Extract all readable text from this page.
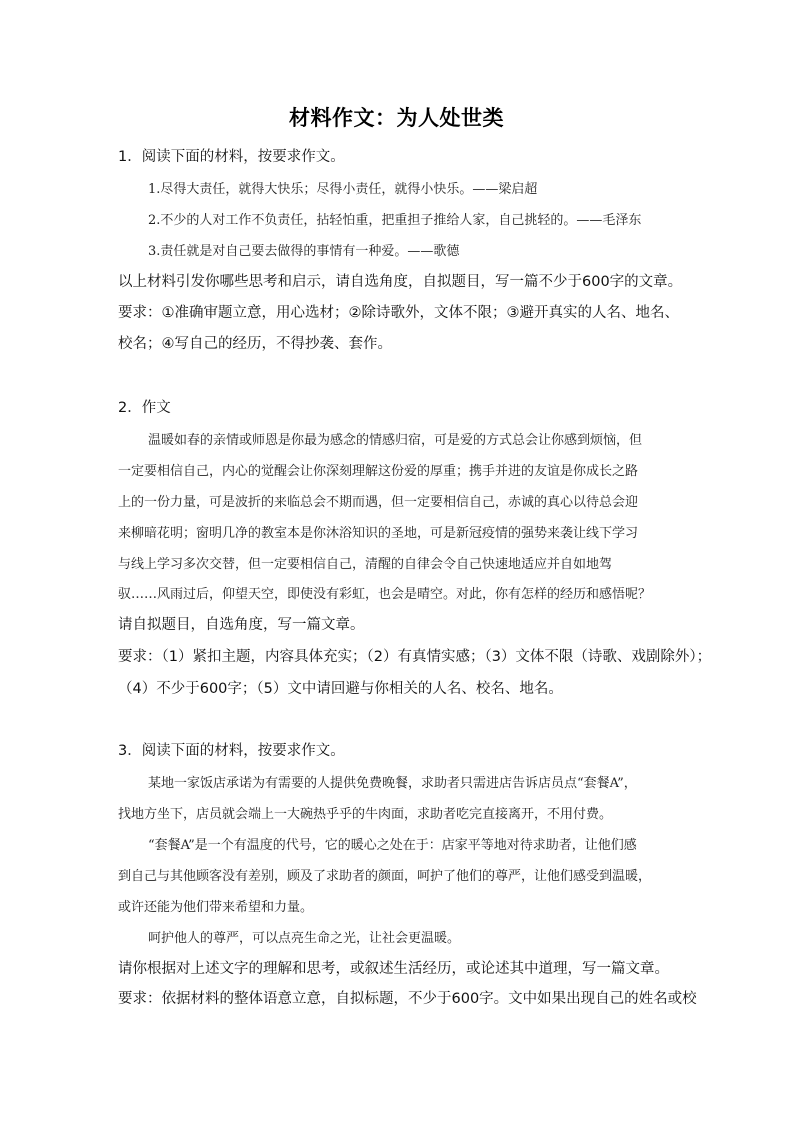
材料作文：为人处世类
1．阅读下面的材料，按要求作文。
1.尽得大责任，就得大快乐；尽得小责任，就得小快乐。——梁启超
2.不少的人对工作不负责任，拈轻怕重，把重担子推给人家，自己挑轻的。——毛泽东
3.责任就是对自己要去做得的事情有一种爱。——歌德
以上材料引发你哪些思考和启示，请自选角度，自拟题目，写一篇不少于600字的文章。
要求：①准确审题立意，用心选材；②除诗歌外，文体不限；③避开真实的人名、地名、
校名；④写自己的经历，不得抄袭、套作。
2．作文
温暖如春的亲情或师恩是你最为感念的情感归宿，可是爱的方式总会让你感到烦恼，但
一定要相信自己，内心的觉醒会让你深刻理解这份爱的厚重；携手并进的友谊是你成长之路
上的一份力量，可是波折的来临总会不期而遇，但一定要相信自己，赤诚的真心以待总会迎
来柳暗花明；窗明几净的教室本是你沐浴知识的圣地，可是新冠疫情的强势来袭让线下学习
与线上学习多次交替，但一定要相信自己，清醒的自律会令自己快速地适应并自如地驾
驭……风雨过后，仰望天空，即使没有彩虹，也会是晴空。对此，你有怎样的经历和感悟呢？
请自拟题目，自选角度，写一篇文章。
要求：（1）紧扣主题，内容具体充实；（2）有真情实感；（3）文体不限（诗歌、戏剧除外）；
（4）不少于600字；（5）文中请回避与你相关的人名、校名、地名。
3．阅读下面的材料，按要求作文。
某地一家饭店承诺为有需要的人提供免费晚餐，求助者只需进店告诉店员点“套餐A”，
找地方坐下，店员就会端上一大碗热乎乎的牛肉面，求助者吃完直接离开，不用付费。
“套餐A”是一个有温度的代号，它的暖心之处在于：店家平等地对待求助者，让他们感
到自己与其他顾客没有差别，顾及了求助者的颜面，呵护了他们的尊严，让他们感受到温暖，
或许还能为他们带来希望和力量。
呵护他人的尊严，可以点亮生命之光，让社会更温暖。
请你根据对上述文字的理解和思考，或叙述生活经历，或论述其中道理，写一篇文章。
要求：依据材料的整体语意立意，自拟标题，不少于600字。文中如果出现自己的姓名或校
